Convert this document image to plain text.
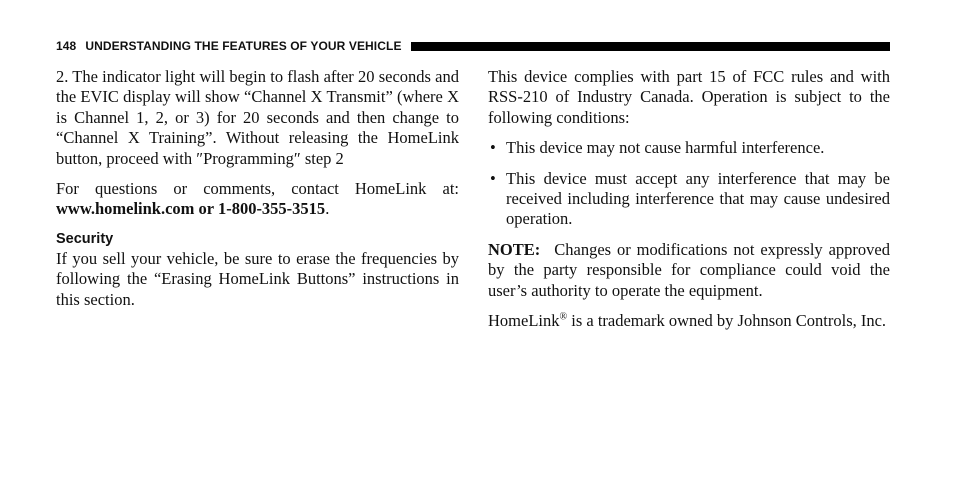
148 UNDERSTANDING THE FEATURES OF YOUR VEHICLE

2. The indicator light will begin to flash after 20 seconds and the EVIC display will show “Channel X Transmit” (where X is Channel 1, 2, or 3) for 20 seconds and then change to “Channel X Training”. Without releasing the HomeLink button, proceed with ″Programming″ step 2

For questions or comments, contact HomeLink at: www.homelink.com or 1-800-355-3515.

Security

If you sell your vehicle, be sure to erase the frequencies by following the “Erasing HomeLink Buttons” instructions in this section.

This device complies with part 15 of FCC rules and with RSS-210 of Industry Canada. Operation is subject to the following conditions:

• This device may not cause harmful interference.
• This device must accept any interference that may be received including interference that may cause undesired operation.

NOTE: Changes or modifications not expressly approved by the party responsible for compliance could void the user’s authority to operate the equipment.

HomeLink® is a trademark owned by Johnson Controls, Inc.
